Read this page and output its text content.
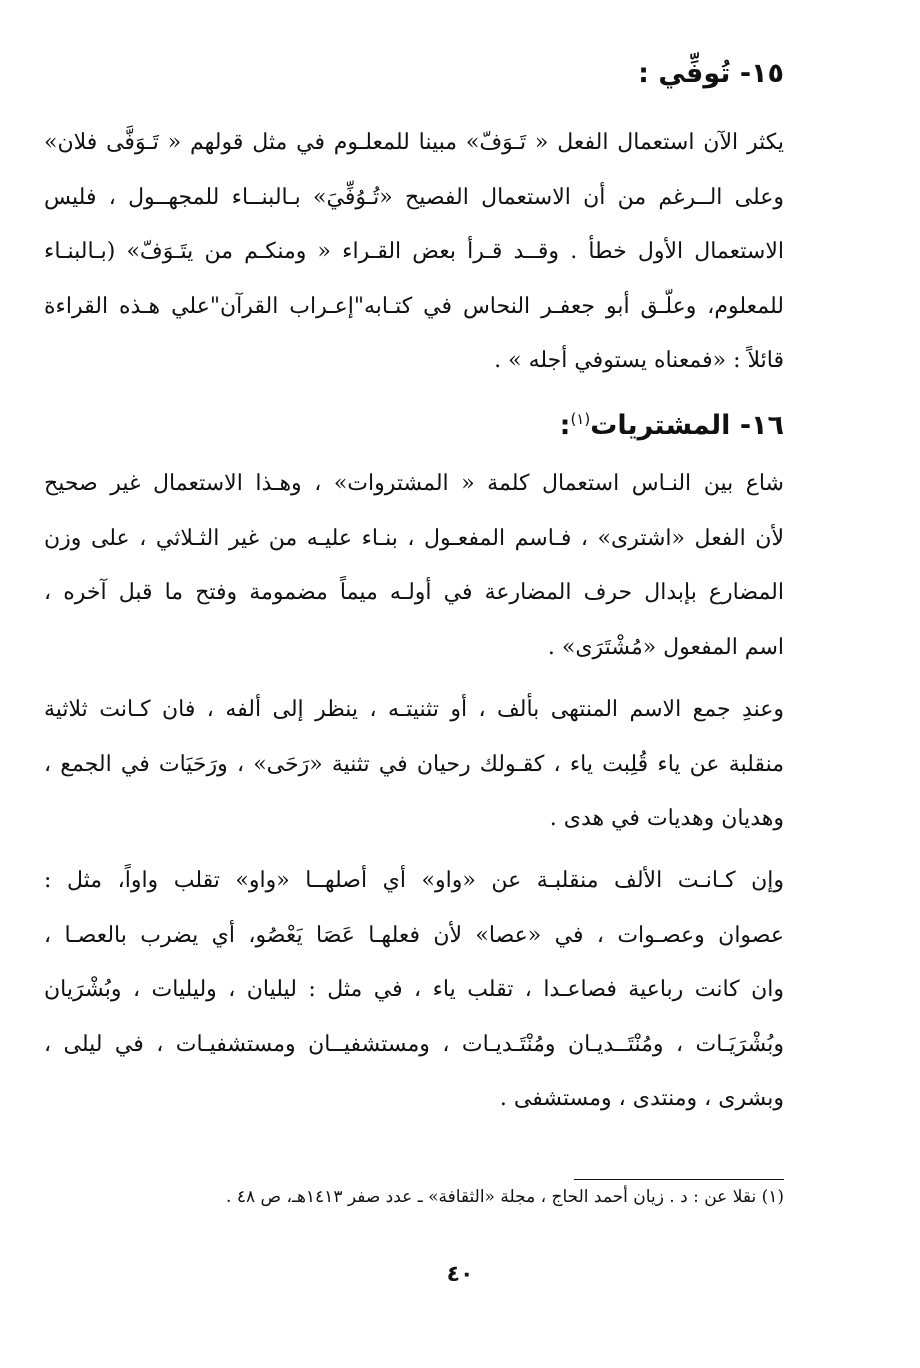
١٥- تُوفِّي :
يكثر الآن استعمال الفعل « تَـوَفّ» مبينا للمعلـوم في مثل قولهم « تَـوَفَّى فلان»
وعلى الــرغم من أن الاستعمال الفصيح «تُـوُفِّيَ» بـالبنــاء للمجهــول ، فليس
الاستعمال الأول خطأ . وقــد قـرأ بعض القـراء « ومنكـم من يتَـوَفّ» (بـالبنـاء
للمعلوم، وعلّـق أبو جعفـر النحاس في كتـابه"إعـراب القرآن"علي هـذه القراءة
قائلاً : «فمعناه يستوفي أجله » .
١٦- المشتريات$^{(١)}$:
شاع بين النـاس استعمال كلمة « المشتروات» ، وهـذا الاستعمال غير صحيح
لأن الفعل «اشترى» ، فـاسم المفعـول ، بنـاء عليـه من غير الثـلاثي ، على وزن
المضارع بإبدال حرف المضارعة في أولـه ميماً مضمومة وفتح ما قبل آخره ،
اسم المفعول «مُشْتَرَى» .
وعندِ جمع الاسم المنتهى بألف ، أو تثنيتـه ، ينظر إلى ألفه ، فان كـانت ثلاثية
منقلبة عن ياء قُلِبت ياء ، كقـولك رحيان في تثنية «رَحَى» ، ورَحَيَات في الجمع ،
وهديان وهديات في هدى .
وإن كـانـت الألف منقلبـة عن «واو» أي أصلهــا «واو» تقلب واواً، مثل :
عصوان وعصـوات ، في «عصا» لأن فعلهـا عَصَا يَعْصُو، أي يضرب بالعصـا ،
وان كانت رباعية فصاعـدا ، تقلب ياء ، في مثل : ليليان ، وليليات ، وبُشْرَيان
وبُشْرَيَـات ، ومُنْتَــديـان ومُنْتَـديـات ، ومستشفيــان ومستشفيـات ، في ليلى ،
وبشرى ، ومنتدى ، ومستشفى .
(١) نقلا عن : د . زيان أحمد الحاج ، مجلة «الثقافة» ـ عدد صفر ١٤١٣هـ، ص ٤٨ .
٤٠
